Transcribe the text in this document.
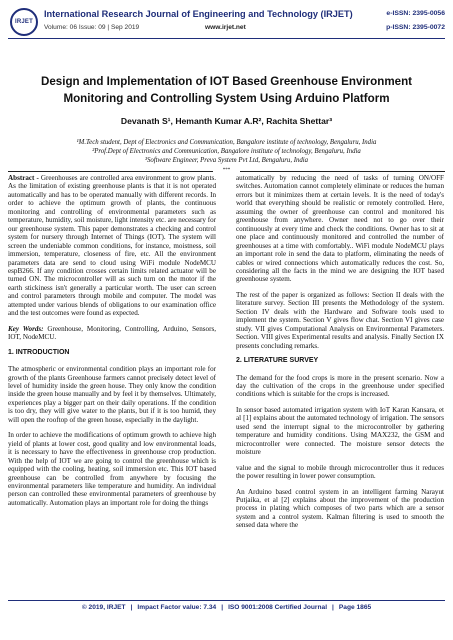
IRJET
International Research Journal of Engineering and Technology (IRJET)
Volume: 06 Issue: 09 | Sep 2019	www.irjet.net
e-ISSN: 2395-0056
p-ISSN: 2395-0072
Design and Implementation of IOT Based Greenhouse Environment
Monitoring and Controlling System Using Arduino Platform
Devanath S¹, Hemanth Kumar A.R², Rachita Shettar³
¹M.Tech student, Dept of Electronics and Communication, Bangalore institute of technology, Bengaluru, India
²Prof.Dept of Electronics and Communication, Bangalore institute of technology, Bengaluru, India
³Software Engineer, Preva System Pvt Ltd, Bengaluru, India
***

Abstract - Greenhouses are controlled area environment to grow plants. As the limitation of existing greenhouse plants is that it is not operated automatically and has to be operated manually with different records. In order to achieve the optimum growth of plants, the continuous monitoring and controlling of environmental parameters such as temperature, humidity, soil moisture, light intensity etc. are necessary for our greenhouse system. This paper demonstrates a checking and control system for nursery through Internet of Things (IOT). The system will screen the undeniable common conditions, for instance, moistness, soil immersion, temperature, closeness of fire, etc. All the environment parameters data are send to cloud using WiFi module NodeMCU espB266. If any condition crosses certain limits related actuator will be turned ON. The microcontroller will as such turn on the motor if the earth stickiness isn't generally a particular worth. The user can screen and control parameters through mobile and computer. The model was attempted under various blends of obligations to our examination office and the test outcomes were found as expected.

Key Words: Greenhouse, Monitoring, Controlling, Arduino, Sensors, IOT, NodeMCU.

1. INTRODUCTION

The atmospheric or environmental condition plays an important role for growth of the plants Greenhouse farmers cannot precisely detect level of level of humidity inside the green house. They only know the condition inside the green house manually and by feel it by themselves. Ultimately, experiences play a bigger part on their daily operations. If the condition is too dry, they will give water to the plants, but if it is too humid, they will open the rooftop of the green house, especially in the daylight.

In order to achieve the modifications of optimum growth to achieve high yield of plants at lower cost, good quality and low environmental loads, it is necessary to have the effectiveness in greenhouse crop production. With the help of IOT we are going to control the greenhouse which is equipped with the cooling, heating, soil immersion etc. This IOT based greenhouse can be controlled from anywhere by focusing the environmental parameters like temperature and humidity. An individual person can controlled these environmental parameters of greenhouse by automatically. Automation plays an important role for doing the things

automatically by reducing the need of tasks of turning ON/OFF switches. Automation cannot completely eliminate or reduces the human errors but it minimizes them at certain levels. It is the need of today's world that everything should be realistic or remotely controlled. Here, assuming the owner of greenhouse can control and monitored his greenhouse from anywhere. Owner need not to go over their continuously at every time and check the conditions. Owner has to sit at one place and continuously monitored and controlled the number of greenhouses at a time with comfortably.. WiFi module NodeMCU plays an important role in send the data to platform, eliminating the needs of cables or wired connections which automatically reduces the cost. So, considering all the facts in the mind we are designing the IOT based greenhouse system.

The rest of the paper is organized as follows: Section II deals with the literature survey. Section III presents the Methodology of the system. Section IV deals with the Hardware and Software tools used to implement the system. Section V gives flow chat. Section VI gives case study. VII gives Computational Analysis on Environmental Parameters. Section. VIII gives Experimental results and analysis. Finally Section IX presents concluding remarks.

2. LITERATURE SURVEY

The demand for the food crops is more in the present scenario. Now a day the cultivation of the crops in the greenhouse under specified conditions which is suitable for the crops is increased.

In sensor based automated irrigation system with IoT Karan Kansara, et al [1] explains about the automated technology of irrigation. The sensors used send the interrupt signal to the microcontroller by gathering temperature and humidity conditions. Using MAX232, the GSM and microcontroller were connected. The moisture sensor detects the moisture

value and the signal to mobile through microcontroller thus it reduces the power resulting in lower power consumption.

An Arduino based control system in an intelligent farming Narayut Putjaika, et al [2] explains about the improvement of the production process in plating which composes of two parts which are a sensor system and a control system. Kalman filtering is used to smooth the sensed data where the

© 2019, IRJET | Impact Factor value: 7.34 | ISO 9001:2008 Certified Journal | Page 1865
